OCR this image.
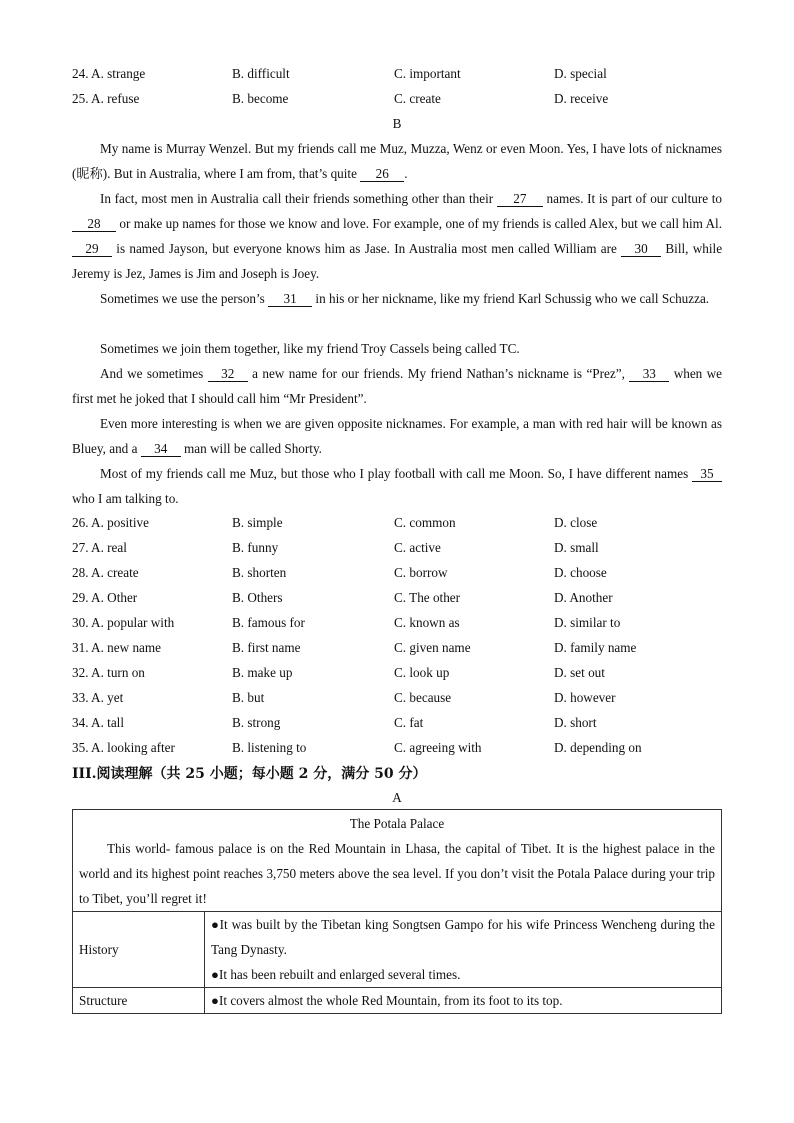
24. A. strange	B. difficult	C. important	D. special
25. A. refuse	B. become	C. create	D. receive
B

My name is Murray Wenzel. But my friends call me Muz, Muzza, Wenz or even Moon. Yes, I have lots of nicknames (昵称). But in Australia, where I am from, that’s quite 26 .

In fact, most men in Australia call their friends something other than their 27 names. It is part of our culture to 28 or make up names for those we know and love. For example, one of my friends is called Alex, but we call him Al. 29 is named Jayson, but everyone knows him as Jase. In Australia most men called William are 30 Bill, while Jeremy is Jez, James is Jim and Joseph is Joey.

Sometimes we use the person’s 31 in his or her nickname, like my friend Karl Schussig who we call Schuzza.

Sometimes we join them together, like my friend Troy Cassels being called TC.

And we sometimes 32 a new name for our friends. My friend Nathan’s nickname is “Prez”, 33 when we first met he joked that I should call him “Mr President”.

Even more interesting is when we are given opposite nicknames. For example, a man with red hair will be known as Bluey, and a 34 man will be called Shorty.

Most of my friends call me Muz, but those who I play football with call me Moon. So, I have different names 35 who I am talking to.

26. A. positive	B. simple	C. common	D. close
27. A. real	B. funny	C. active	D. small
28. A. create	B. shorten	C. borrow	D. choose
29. A. Other	B. Others	C. The other	D. Another
30. A. popular with	B. famous for	C. known as	D. similar to
31. A. new name	B. first name	C. given name	D. family name
32. A. turn on	B. make up	C. look up	D. set out
33. A. yet	B. but	C. because	D. however
34. A. tall	B. strong	C. fat	D. short
35. A. looking after	B. listening to	C. agreeing with	D. depending on
III.阅读理解（共 25 小题；每小题 2 分，满分 50 分）
A
The Potala Palace
This world- famous palace is on the Red Mountain in Lhasa, the capital of Tibet. It is the highest palace in the world and its highest point reaches 3,750 meters above the sea level. If you don’t visit the Potala Palace during your trip to Tibet, you’ll regret it!	

History	●It was built by the Tibetan king Songtsen Gampo for his wife Princess Wencheng during the Tang Dynasty.
●It has been rebuilt and enlarged several times.

Structure	●It covers almost the whole Red Mountain, from its foot to its top.
